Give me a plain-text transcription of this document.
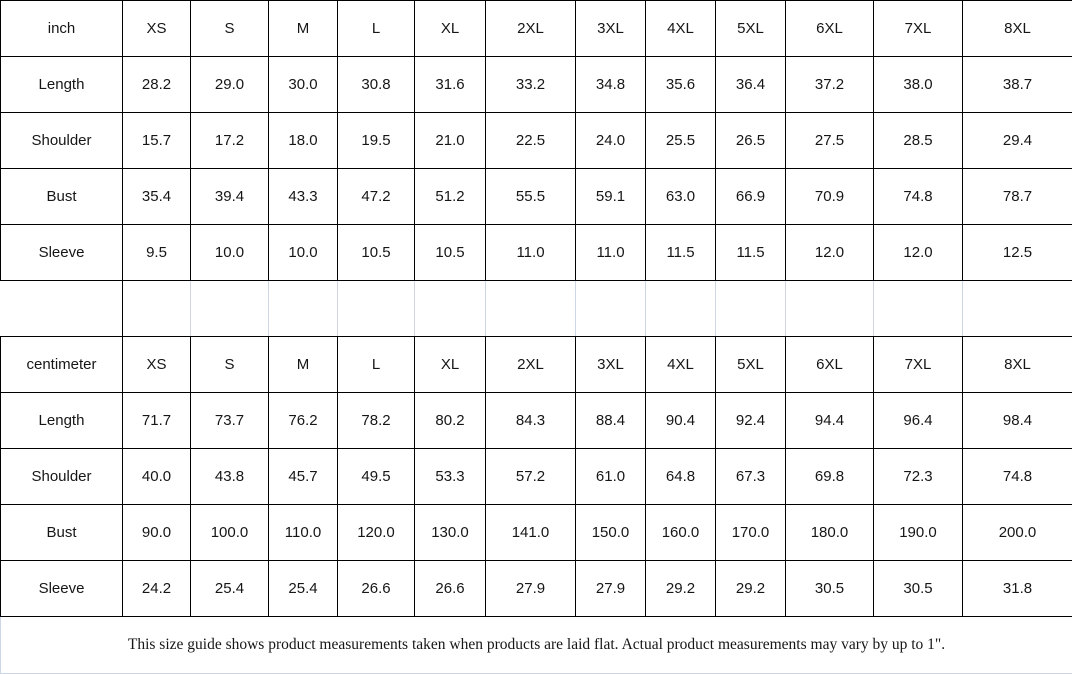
inch	XS	S	M	L	XL	2XL	3XL	4XL	5XL	6XL	7XL	8XL
Length	28.2	29.0	30.0	30.8	31.6	33.2	34.8	35.6	36.4	37.2	38.0	38.7
Shoulder	15.7	17.2	18.0	19.5	21.0	22.5	24.0	25.5	26.5	27.5	28.5	29.4
Bust	35.4	39.4	43.3	47.2	51.2	55.5	59.1	63.0	66.9	70.9	74.8	78.7
Sleeve	9.5	10.0	10.0	10.5	10.5	11.0	11.0	11.5	11.5	12.0	12.0	12.5

centimeter	XS	S	M	L	XL	2XL	3XL	4XL	5XL	6XL	7XL	8XL
Length	71.7	73.7	76.2	78.2	80.2	84.3	88.4	90.4	92.4	94.4	96.4	98.4
Shoulder	40.0	43.8	45.7	49.5	53.3	57.2	61.0	64.8	67.3	69.8	72.3	74.8
Bust	90.0	100.0	110.0	120.0	130.0	141.0	150.0	160.0	170.0	180.0	190.0	200.0
Sleeve	24.2	25.4	25.4	26.6	26.6	27.9	27.9	29.2	29.2	30.5	30.5	31.8
This size guide shows product measurements taken when products are laid flat. Actual product measurements may vary by up to 1".												
